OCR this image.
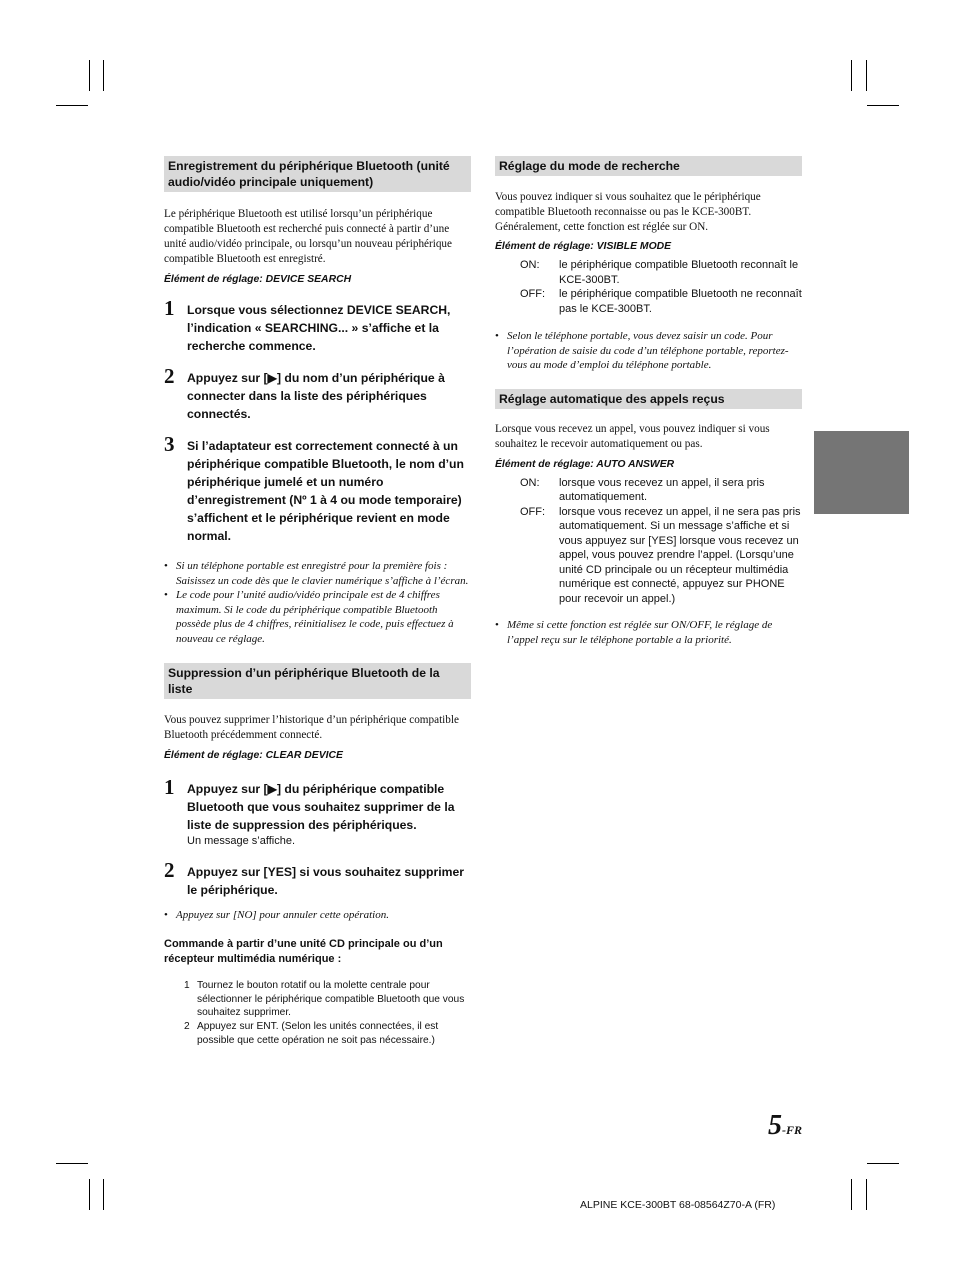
Enregistrement du périphérique Bluetooth (unité audio/vidéo principale uniquement)

Le périphérique Bluetooth est utilisé lorsqu’un périphérique compatible Bluetooth est recherché puis connecté à partir d’une unité audio/vidéo principale, ou lorsqu’un nouveau périphérique compatible Bluetooth est enregistré.

Élément de réglage: DEVICE SEARCH

1 Lorsque vous sélectionnez DEVICE SEARCH, l’indication « SEARCHING... » s’affiche et la recherche commence.
2 Appuyez sur [▶] du nom d’un périphérique à connecter dans la liste des périphériques connectés.
3 Si l’adaptateur est correctement connecté à un périphérique compatible Bluetooth, le nom d’un périphérique jumelé et un numéro d’enregistrement (Nº 1 à 4 ou mode temporaire) s’affichent et le périphérique revient en mode normal.

• Si un téléphone portable est enregistré pour la première fois :
Saisissez un code dès que le clavier numérique s’affiche à l’écran.

• Le code pour l’unité audio/vidéo principale est de 4 chiffres maximum. Si le code du périphérique compatible Bluetooth possède plus de 4 chiffres, réinitialisez le code, puis effectuez à nouveau ce réglage.

Suppression d’un périphérique Bluetooth de la liste

Vous pouvez supprimer l’historique d’un périphérique compatible Bluetooth précédemment connecté.

Élément de réglage: CLEAR DEVICE

1 Appuyez sur [▶] du périphérique compatible Bluetooth que vous souhaitez supprimer de la liste de suppression des périphériques.
Un message s’affiche.
2 Appuyez sur [YES] si vous souhaitez supprimer le périphérique.

• Appuyez sur [NO] pour annuler cette opération.

Commande à partir d’une unité CD principale ou d’un récepteur multimédia numérique :

1 Tournez le bouton rotatif ou la molette centrale pour sélectionner le périphérique compatible Bluetooth que vous souhaitez supprimer.
2 Appuyez sur ENT. (Selon les unités connectées, il est possible que cette opération ne soit pas nécessaire.)
Réglage du mode de recherche

Vous pouvez indiquer si vous souhaitez que le périphérique compatible Bluetooth reconnaisse ou pas le KCE-300BT. Généralement, cette fonction est réglée sur ON.

Élément de réglage: VISIBLE MODE

ON:	le périphérique compatible Bluetooth reconnaît le KCE-300BT.
OFF:	le périphérique compatible Bluetooth ne reconnaît pas le KCE-300BT.

• Selon le téléphone portable, vous devez saisir un code. Pour l’opération de saisie du code d’un téléphone portable, reportez-vous au mode d’emploi du téléphone portable.

Réglage automatique des appels reçus

Lorsque vous recevez un appel, vous pouvez indiquer si vous souhaitez le recevoir automatiquement ou pas.

Élément de réglage: AUTO ANSWER

ON:	lorsque vous recevez un appel, il sera pris automatiquement.
OFF:	lorsque vous recevez un appel, il ne sera pas pris automatiquement. Si un message s’affiche et si vous appuyez sur [YES] lorsque vous recevez un appel, vous pouvez prendre l’appel. (Lorsqu’une unité CD principale ou un récepteur multimédia numérique est connecté, appuyez sur PHONE pour recevoir un appel.)

• Même si cette fonction est réglée sur ON/OFF, le réglage de l’appel reçu sur le téléphone portable a la priorité.

5-FR
ALPINE KCE-300BT 68-08564Z70-A (FR)
